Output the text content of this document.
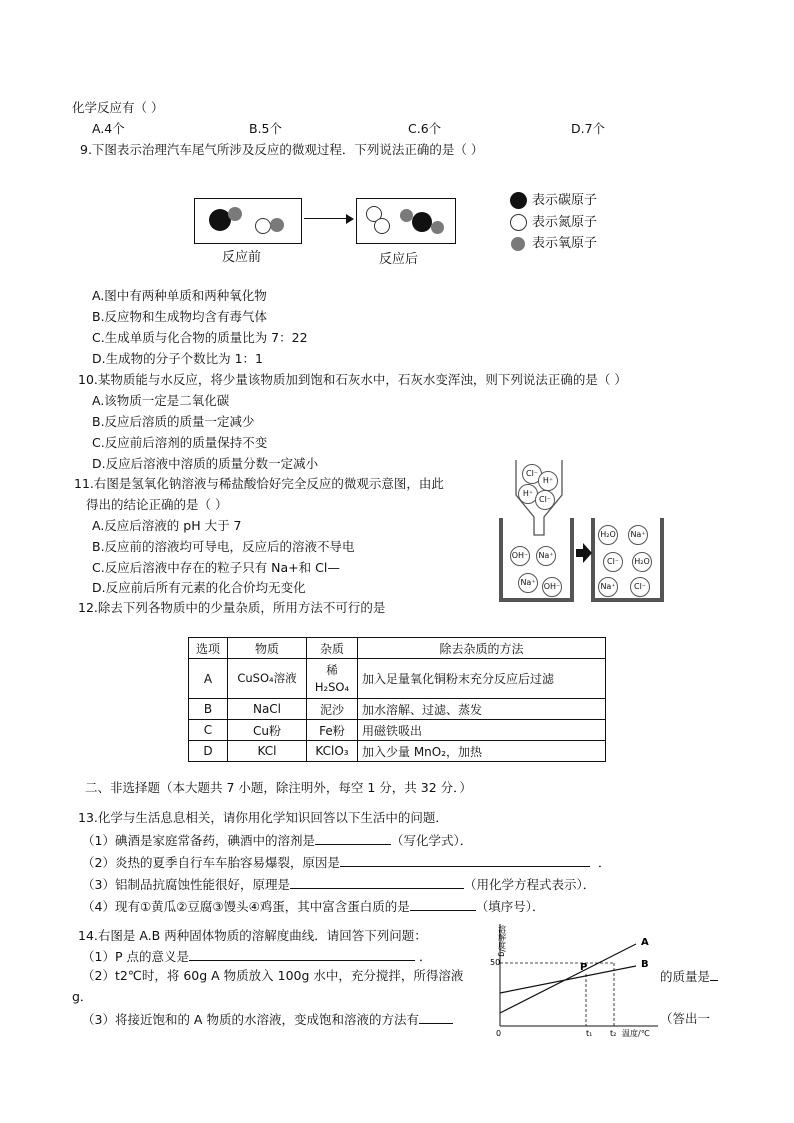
化学反应有（ ）
A.4个	B.5个	C.6个	D.7个
9.下图表示治理汽车尾气所涉及反应的微观过程．下列说法正确的是（ ）
反应前	反应后
表示碳原子
表示氮原子
表示氧原子
A.图中有两种单质和两种氧化物
B.反应物和生成物均含有毒气体
C.生成单质与化合物的质量比为 7：22
D.生成物的分子个数比为 1：1
10.某物质能与水反应，将少量该物质加到饱和石灰水中，石灰水变浑浊，则下列说法正确的是（ ）
A.该物质一定是二氧化碳
B.反应后溶质的质量一定减少
C.反应前后溶剂的质量保持不变
D.反应后溶液中溶质的质量分数一定减小
11.右图是氢氧化钠溶液与稀盐酸恰好完全反应的微观示意图，由此
得出的结论正确的是（ ）
A.反应后溶液的 pH 大于 7
B.反应前的溶液均可导电，反应后的溶液不导电
C.反应后溶液中存在的粒子只有 Na+和 Cl—
D.反应前后所有元素的化合价均无变化
Cl⁻
H⁺
H⁺
Cl⁻
OH⁻	Na⁺
Na⁺	OH⁻
H₂O	Na⁺
Cl⁻	H₂O
Na⁺	Cl⁻
12.除去下列各物质中的少量杂质，所用方法不可行的是
选项	物质	杂质	除去杂质的方法
A	CuSO₄溶液	稀H₂SO₄	加入足量氧化铜粉末充分反应后过滤
B	NaCl	泥沙	加水溶解、过滤、蒸发
C	Cu粉	Fe粉	用磁铁吸出
D	KCl	KClO₃	加入少量 MnO₂，加热
二、非选择题（本大题共 7 小题，除注明外，每空 1 分，共 32 分．）
13.化学与生活息息相关，请你用化学知识回答以下生活中的问题．
（1）碘酒是家庭常备药，碘酒中的溶剂是	（写化学式）．
（2）炎热的夏季自行车车胎容易爆裂，原因是	．
（3）铝制品抗腐蚀性能很好，原理是	（用化学方程式表示）．
（4）现有①黄瓜②豆腐③馒头④鸡蛋，其中富含蛋白质的是	（填序号）．
14.右图是 A.B 两种固体物质的溶解度曲线．请回答下列问题：
（1）P 点的意义是	．
（2）t2℃时，将 60g A 物质放入 100g 水中，充分搅拌，所得溶液	的质量是
g．
（3）将接近饱和的 A 物质的水溶液，变成饱和溶液的方法有	（答出一
溶解度/g
50
0	t₁ t₂ 温度/℃
P
A
B
